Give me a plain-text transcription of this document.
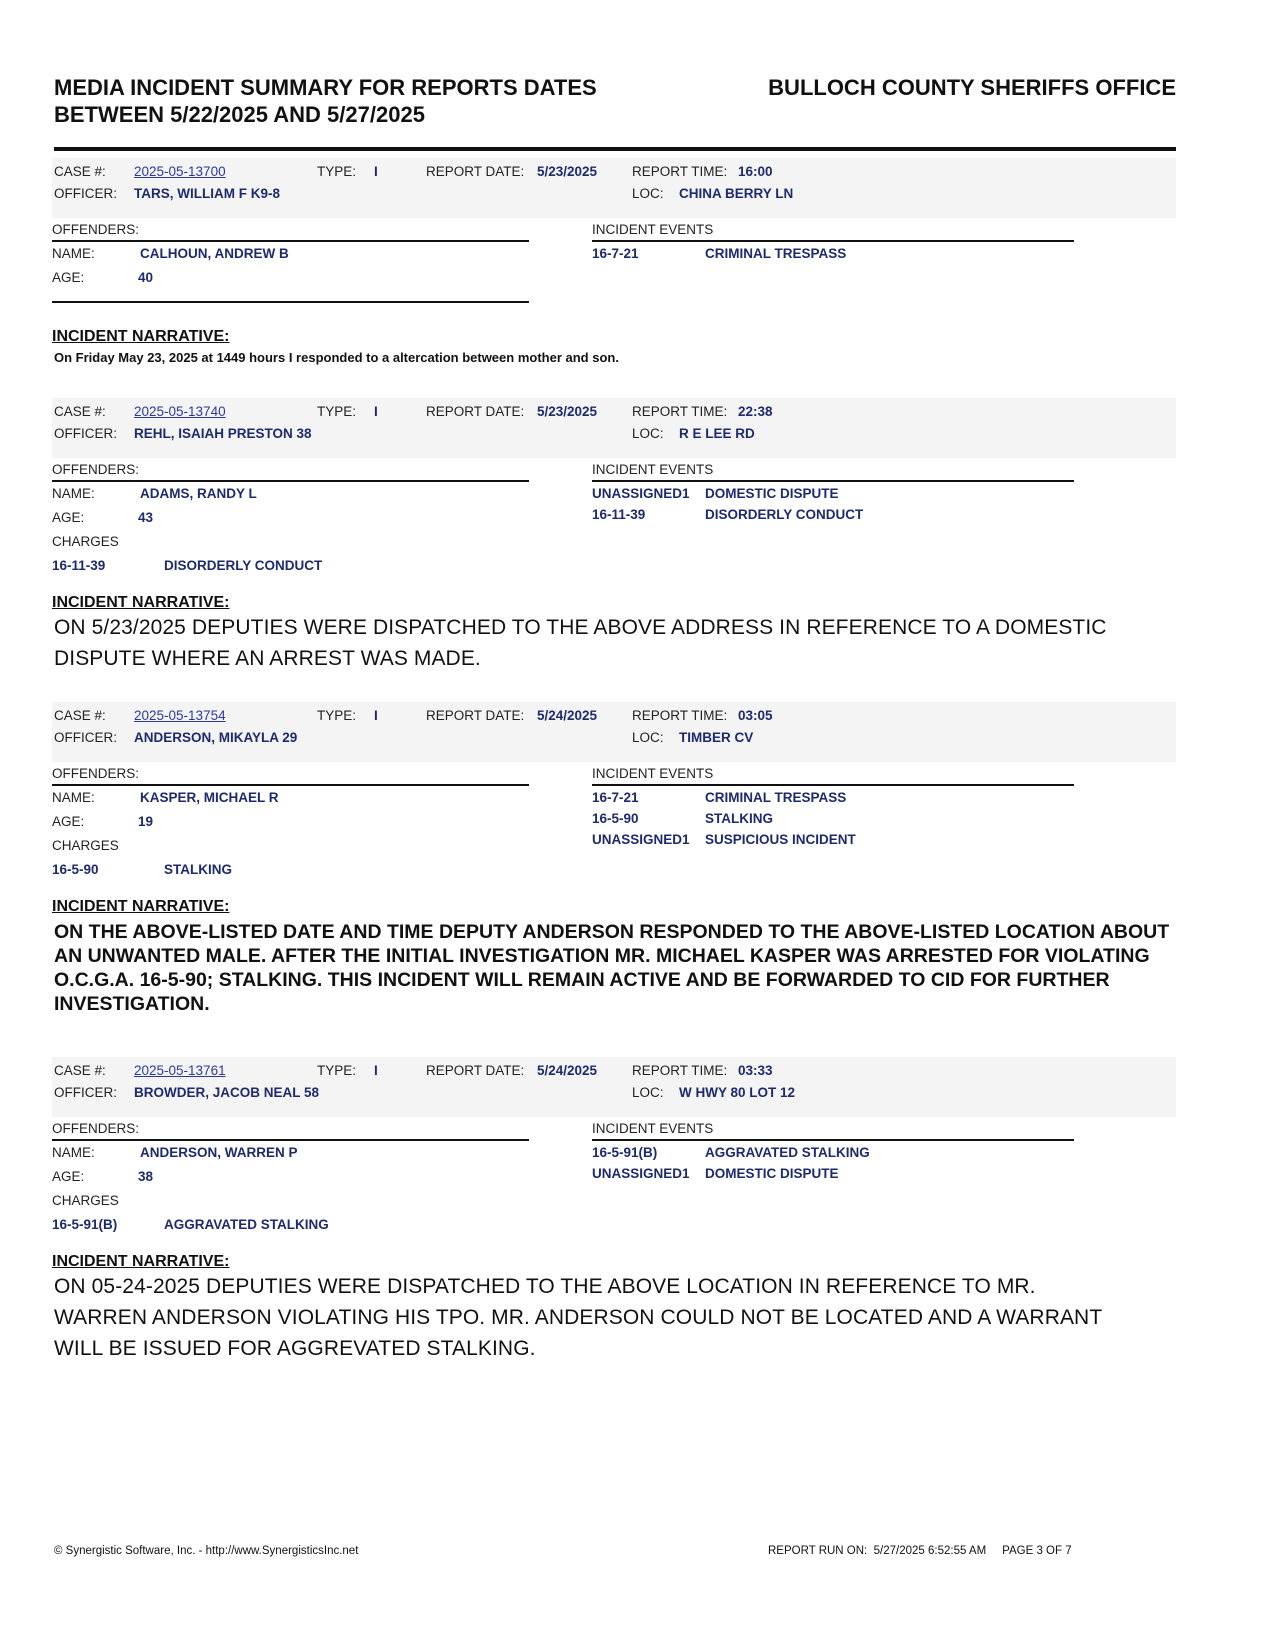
MEDIA INCIDENT SUMMARY FOR REPORTS DATES
BETWEEN 5/22/2025 AND 5/27/2025
BULLOCH COUNTY SHERIFFS OFFICE
CASE #: 2025-05-13700	TYPE: I	REPORT DATE: 5/23/2025	REPORT TIME: 16:00
OFFICER: TARS, WILLIAM F K9-8	LOC: CHINA BERRY LN
OFFENDERS:	INCIDENT EVENTS
NAME:	CALHOUN, ANDREW B
AGE:	40
16-7-21	CRIMINAL TRESPASS
INCIDENT NARRATIVE:
On Friday May 23, 2025 at 1449 hours I responded to a altercation between mother and son.
CASE #: 2025-05-13740	TYPE: I	REPORT DATE: 5/23/2025	REPORT TIME: 22:38
OFFICER: REHL, ISAIAH PRESTON 38	LOC: R E LEE RD
OFFENDERS:	INCIDENT EVENTS
NAME:	ADAMS, RANDY L
AGE:	43
CHARGES
16-11-39	DISORDERLY CONDUCT
UNASSIGNED1 DOMESTIC DISPUTE
16-11-39	DISORDERLY CONDUCT
INCIDENT NARRATIVE:
ON 5/23/2025 DEPUTIES WERE DISPATCHED TO THE ABOVE ADDRESS IN REFERENCE TO A DOMESTIC DISPUTE WHERE AN ARREST WAS MADE.
CASE #: 2025-05-13754	TYPE: I	REPORT DATE: 5/24/2025	REPORT TIME: 03:05
OFFICER: ANDERSON, MIKAYLA 29	LOC: TIMBER CV
OFFENDERS:	INCIDENT EVENTS
NAME:	KASPER, MICHAEL R
AGE:	19
CHARGES
16-5-90	STALKING
16-7-21	CRIMINAL TRESPASS
16-5-90	STALKING
UNASSIGNED1 SUSPICIOUS INCIDENT
INCIDENT NARRATIVE:
ON THE ABOVE-LISTED DATE AND TIME DEPUTY ANDERSON RESPONDED TO THE ABOVE-LISTED LOCATION ABOUT AN UNWANTED MALE. AFTER THE INITIAL INVESTIGATION MR. MICHAEL KASPER WAS ARRESTED FOR VIOLATING O.C.G.A. 16-5-90; STALKING. THIS INCIDENT WILL REMAIN ACTIVE AND BE FORWARDED TO CID FOR FURTHER INVESTIGATION.
CASE #: 2025-05-13761	TYPE: I	REPORT DATE: 5/24/2025	REPORT TIME: 03:33
OFFICER: BROWDER, JACOB NEAL 58	LOC: W HWY 80 LOT 12
OFFENDERS:	INCIDENT EVENTS
NAME:	ANDERSON, WARREN P
AGE:	38
CHARGES
16-5-91(B)	AGGRAVATED STALKING
16-5-91(B)	AGGRAVATED STALKING
UNASSIGNED1 DOMESTIC DISPUTE
INCIDENT NARRATIVE:
ON 05-24-2025 DEPUTIES WERE DISPATCHED TO THE ABOVE LOCATION IN REFERENCE TO MR. WARREN ANDERSON VIOLATING HIS TPO. MR. ANDERSON COULD NOT BE LOCATED AND A WARRANT WILL BE ISSUED FOR AGGREVATED STALKING.
© Synergistic Software, Inc. - http://www.SynergisticsInc.net	REPORT RUN ON:  5/27/2025 6:52:55 AM     PAGE 3 OF 7
